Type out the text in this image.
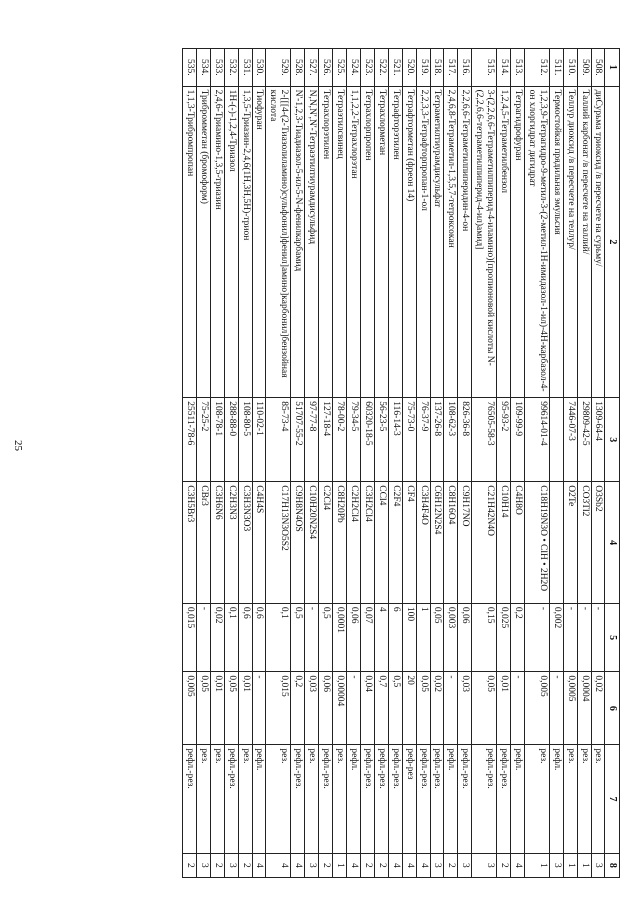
25
1	2	3	4	5	6	7	8
508.	диСурьма триоксид /в пересчете на сурьму/	1309-64-4	O3Sb2	-	0,02	рез.	3
509.	Таллий карбонат /в пересчете на таллий/	29809-42-5	CO3Tl2	-	0,0004	рез.	1
510.	Теллур диоксид /в пересчете на теллур/	7446-07-3	O2Te	-	0,0005	рез.	1
511.	Термостойкая прядильная эмульсия			0,002	-	рефл.	3
512.	1,2,3,9-Тетрагидро-9-метил-3-(2-метил-1Н-имидазол-1-ил)-4Н-карбазол-4-он хлоргидрат дигидрат	99614-01-4	C18H19N3O • ClH • 2H2O	-	0,005	рез.	1
513.	Тетрагидрофуран	109-99-9	C4H8O	0,2	-	рефл.	4
514.	1,2,4,5-Тетраметилбензол	95-93-2	C10H14	0,025	0,01	рефл.-рез.	2
515.	3-(2,2,6,6-Тетраметилпиперид-4-иламино)[пропионовой кислоты N-(2,2,6,6-тетраметилпиперид-4-ил)амид]	76505-58-3	C21H42N4O	0,15	0,05	рефл.-рез.	3
516.	2,2,6,6-Тетраметилпиперидин-4-он	826-36-8	C9H17NO	0,06	0,03	рефл.-рез.	3
517.	2,4,6,8-Тетраметил-1,3,5,7-тетроксокан	108-62-3	C8H16O4	0,003	-	рефл.	2
518.	Тетраметилтиурамдисульфат	137-26-8	C6H12N2S4	0,05	0,02	рефл.-рез.	3
519.	2,2,3,3-Тетрафторпропан-1-ол	76-37-9	C3H4F4O	1	0,05	рефл.-рез.	4
520.	Тетрафторметан (фреон 14)	75-73-0	CF4	100	20	реф-рез	4
521.	Тетрафторэтилен	116-14-3	C2F4	6	0,5	рефл.-рез.	4
522.	Тетрахлорметан	56-23-5	CCl4	4	0,7	рефл.-рез.	2
523.	Тетрахлорпропен	60320-18-5	C3H2Cl4	0,07	0,04	рефл.-рез.	2
524.	1,1,2,2-Тетрахлорэтан	79-34-5	C2H2Cl4	0,06	-	рефл.	4
525.	Тетраэтилсвинец	78-00-2	C8H20Pb	0,0001	0,00004	рез.	1
526.	Тетрахлорэтилен	127-18-4	C2Cl4	0,5	0,06	рефл.-рез.	2
527.	N,N,N',N'-Тетраэтилтиурамдисульфид	97-77-8	C10H20N2S4	-	0,03	рез.	3
528.	N'-1,2,3-Тиадиазол-5-ил-5-N-фенилкарбамид	51707-55-2	C9H8N4OS	0,5	0,2	рефл.-рез.	4
529.	2-[[[4-(2-Тиазолиламино)сульфонил]фенил]амино]карбонил]бензойная кислота	85-73-4	C17H13N3O5S2	0,1	0,015	рез.	4
530.	Тиофуран	110-02-1	C4H4S	0,6	-	рефл.	4
531.	1,3,5-Триазин-2,4,6(1Н,3Н,5Н)-трион	108-80-5	C3H3N3O3	0,6	0,01	рез.	2
532.	1Н-(-)-1,2,4-Триазол	288-88-0	C2H3N3	0,1	0,05	рефл.-рез.	3
533.	2,4,6-Триамино-1,3,5-триазин	108-78-1	C3H6N6	0,02	0,01	рез.	2
534.	Трибромметан (бромоформ)	75-25-2	CBr3	-	0,05	рез.	3
535.	1,1,3-Трибромпропан	25511-78-6	C3H5Br3	0,015	0,005	рефл.-рез.	2
